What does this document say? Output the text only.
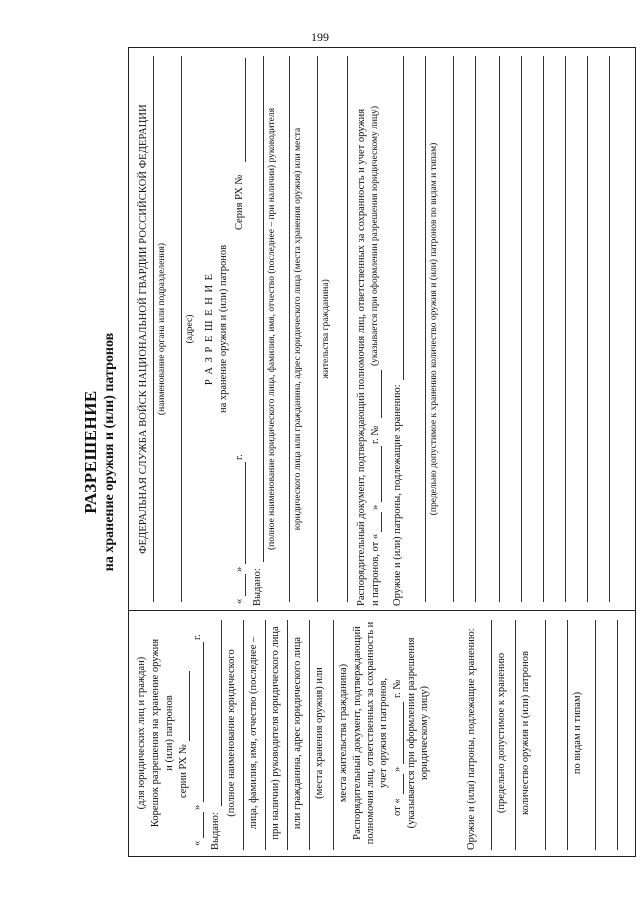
199
РАЗРЕШЕНИЕ на хранение оружия и (или) патронов
(для юридических лиц и граждан) Корешок разрешения на хранение оружия и (или) патронов
серии РХ №
«
»
г.
Выдано:
(полное наименование юридического лица, фамилия, имя, отчество (последнее – при наличии) руководителя юридического лица или гражданина, адрес юридического лица (места хранения оружия) или места жительства гражданина) Распорядительный документ, подтверждающий полномочия лиц, ответственных за сохранность и учет оружия и патронов,
от «
»
г. № (указывается при оформлении разрешения юридическому лицу)	Оружие и (или) патроны, подлежащие хранению: (предельно допустимое к хранению количество оружия и (или) патронов	по видам и типам)
ФЕДЕРАЛЬНАЯ СЛУЖБА ВОЙСК НАЦИОНАЛЬНОЙ ГВАРДИИ РОССИЙСКОЙ ФЕДЕРАЦИИ (наименование органа или подразделения) (адрес) Р А З Р Е Ш Е Н И Е на хранение оружия и (или) патронов
«
»
г.
Серия РХ №
Выдано:
(полное наименование юридического лица, фамилия, имя, отчество (последнее – при наличии) руководителя юридического лица или гражданина, адрес юридического лица (места хранения оружия) или места жительства гражданина) Распорядительный документ, подтверждающий полномочия лиц, ответственных за сохранность и учет оружия и патронов, от «
»
г. №
(указывается при оформлении разрешения юридическому лицу)
Оружие и (или) патроны, подлежащие хранению:	(предельно допустимое к хранению количество оружия и (или) патронов по видам и типам)
